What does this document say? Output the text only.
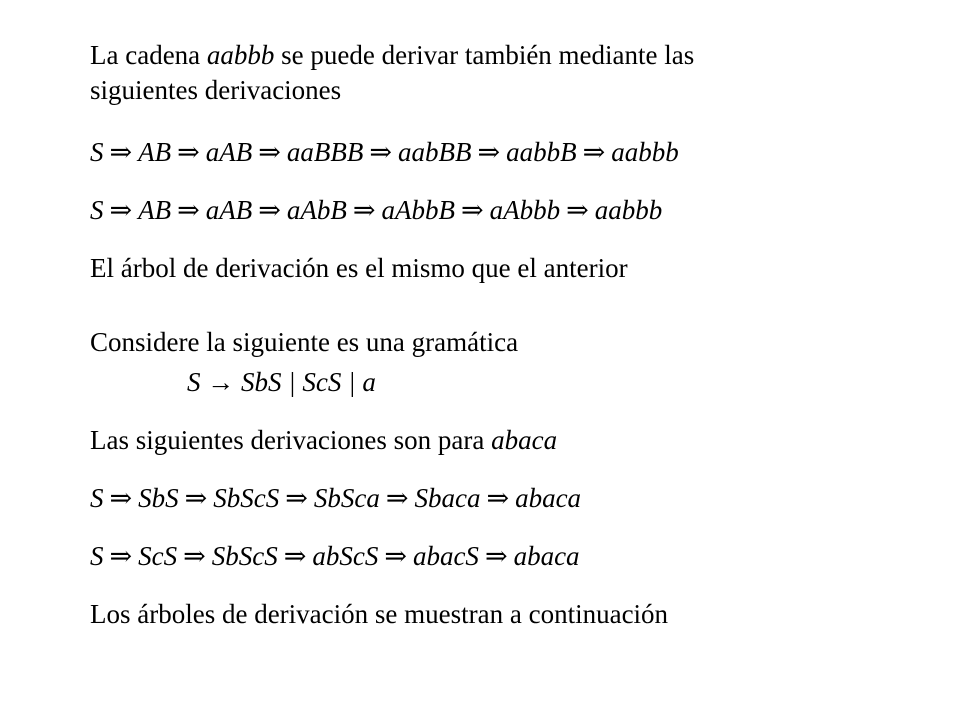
La cadena aabbb se puede derivar también mediante las
siguientes derivaciones
S ⇒ AB ⇒ aAB ⇒ aaBBB ⇒ aabBB ⇒ aabbB ⇒ aabbb
S ⇒ AB ⇒ aAB ⇒ aAbB ⇒ aAbbB ⇒ aAbbb ⇒ aabbb
El árbol de derivación es el mismo que el anterior
Considere la siguiente es una gramática
S → SbS | ScS | a
Las siguientes derivaciones son para abaca
S ⇒ SbS ⇒ SbScS ⇒ SbSca ⇒ Sbaca ⇒ abaca
S ⇒ ScS ⇒ SbScS ⇒ abScS ⇒ abacS ⇒ abaca
Los árboles de derivación se muestran a continuación
